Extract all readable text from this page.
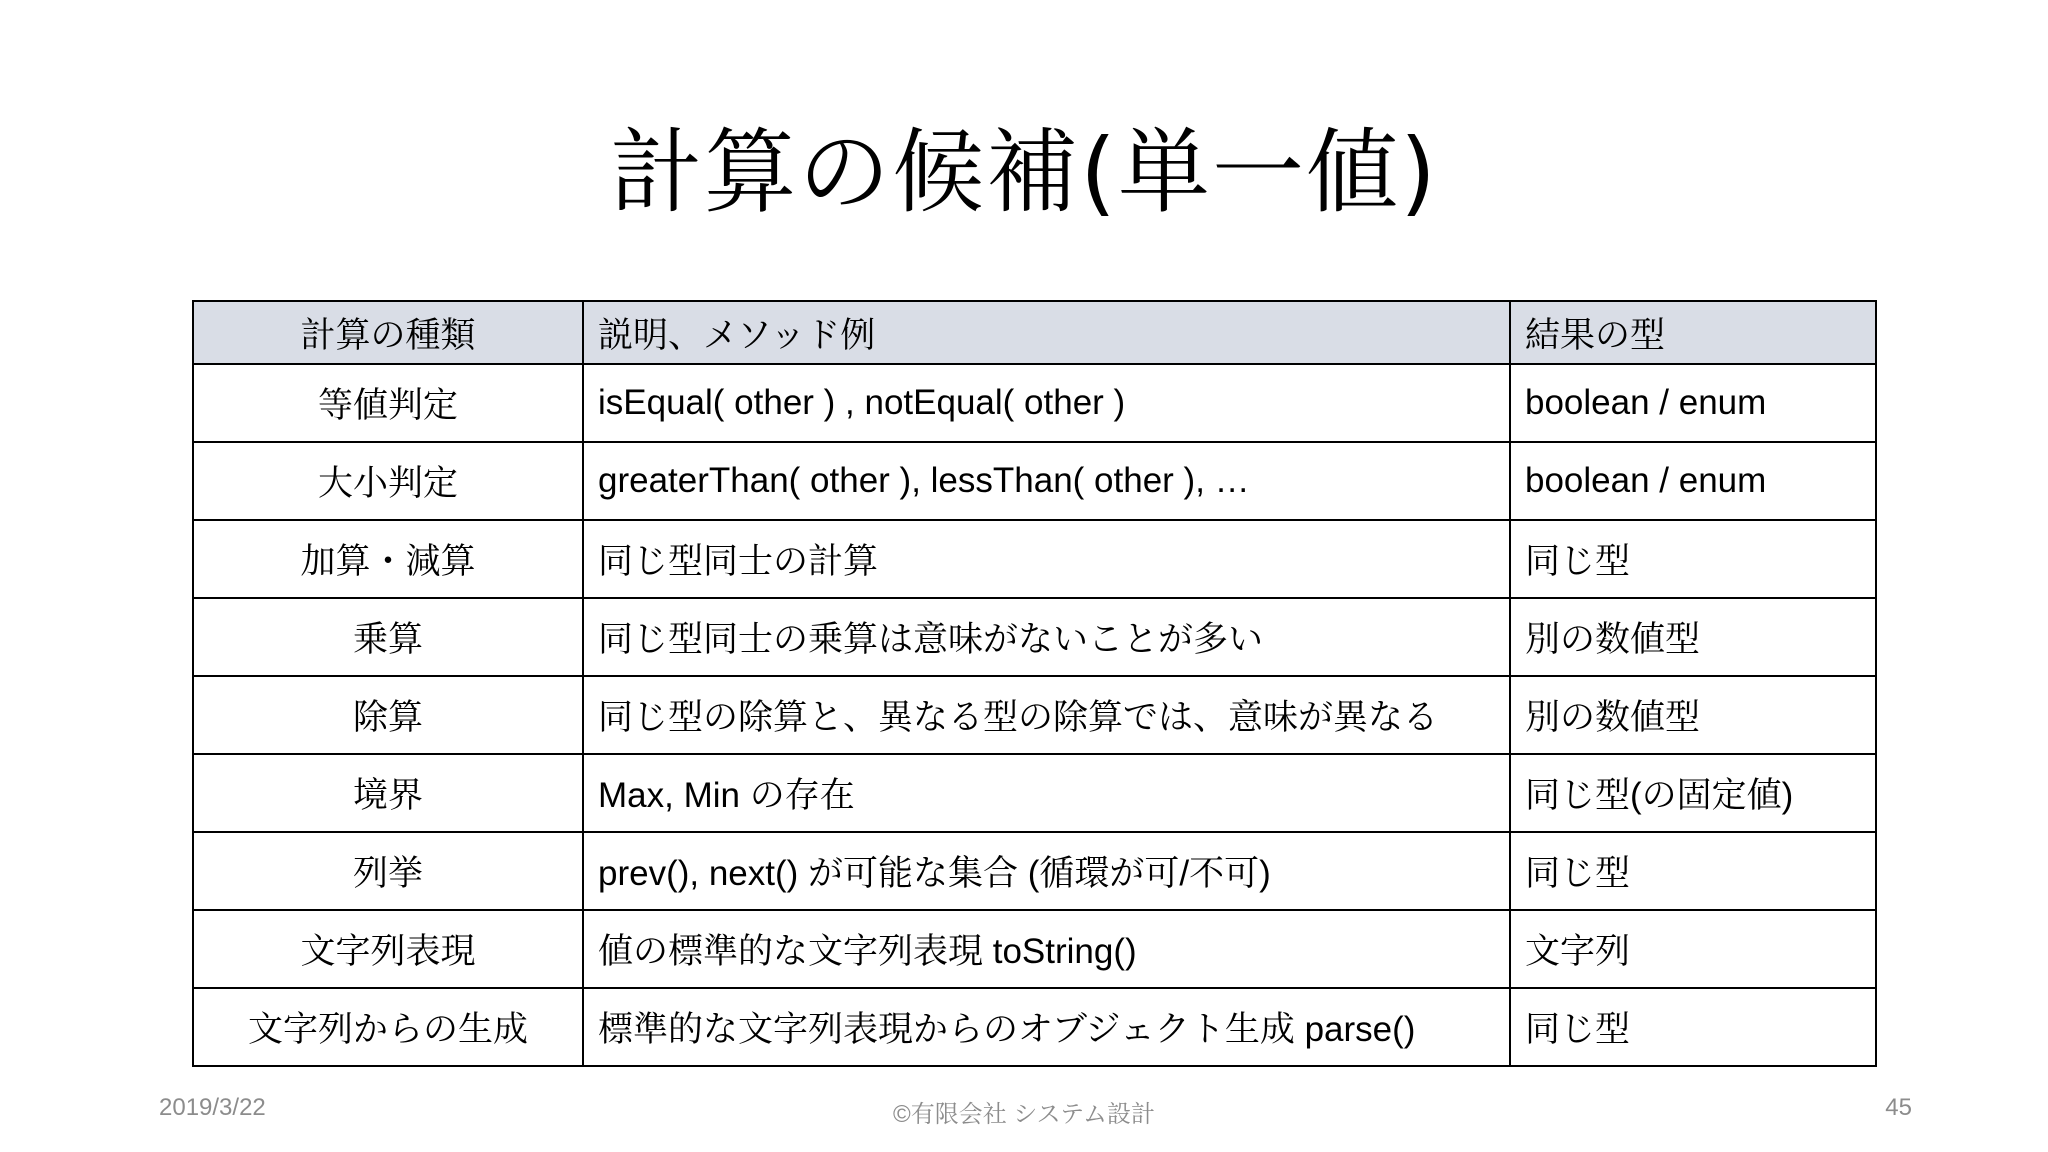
計算の候補(単一値)
計算の種類	説明、メソッド例	結果の型
等値判定	isEqual( other ) , notEqual( other )	boolean / enum
大小判定	greaterThan( other ), lessThan( other ), …	boolean / enum
加算・減算	同じ型同士の計算	同じ型
乗算	同じ型同士の乗算は意味がないことが多い	別の数値型
除算	同じ型の除算と、異なる型の除算では、意味が異なる	別の数値型
境界	Max, Min の存在	同じ型(の固定値)
列挙	prev(), next() が可能な集合 (循環が可/不可)	同じ型
文字列表現	値の標準的な文字列表現 toString()	文字列
文字列からの生成	標準的な文字列表現からのオブジェクト生成 parse()	同じ型
2019/3/22	©有限会社 システム設計	45
